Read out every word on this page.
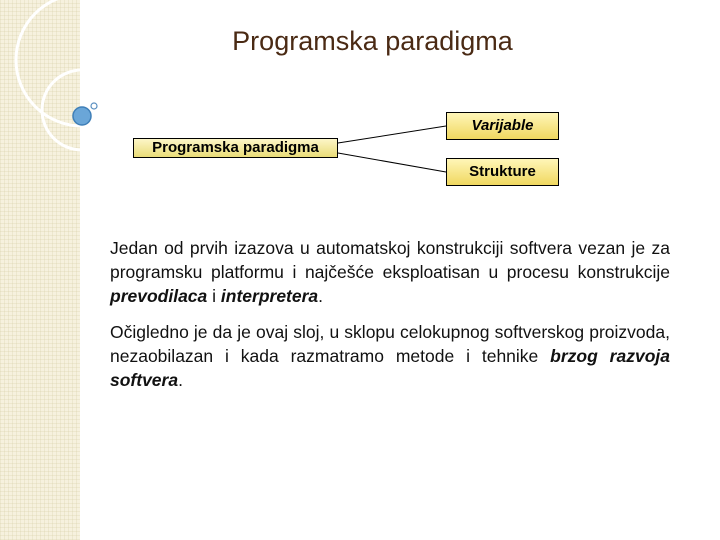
Programska paradigma
Programska paradigma
Varijable
Strukture
Jedan od prvih izazova u automatskoj konstrukciji softvera vezan je za programsku platformu i najčešće eksploatisan u procesu konstrukcije prevodilaca i interpretera.
Očigledno je da je ovaj sloj, u sklopu celokupnog softverskog proizvoda, nezaobilazan i kada razmatramo metode i tehnike brzog razvoja softvera.
